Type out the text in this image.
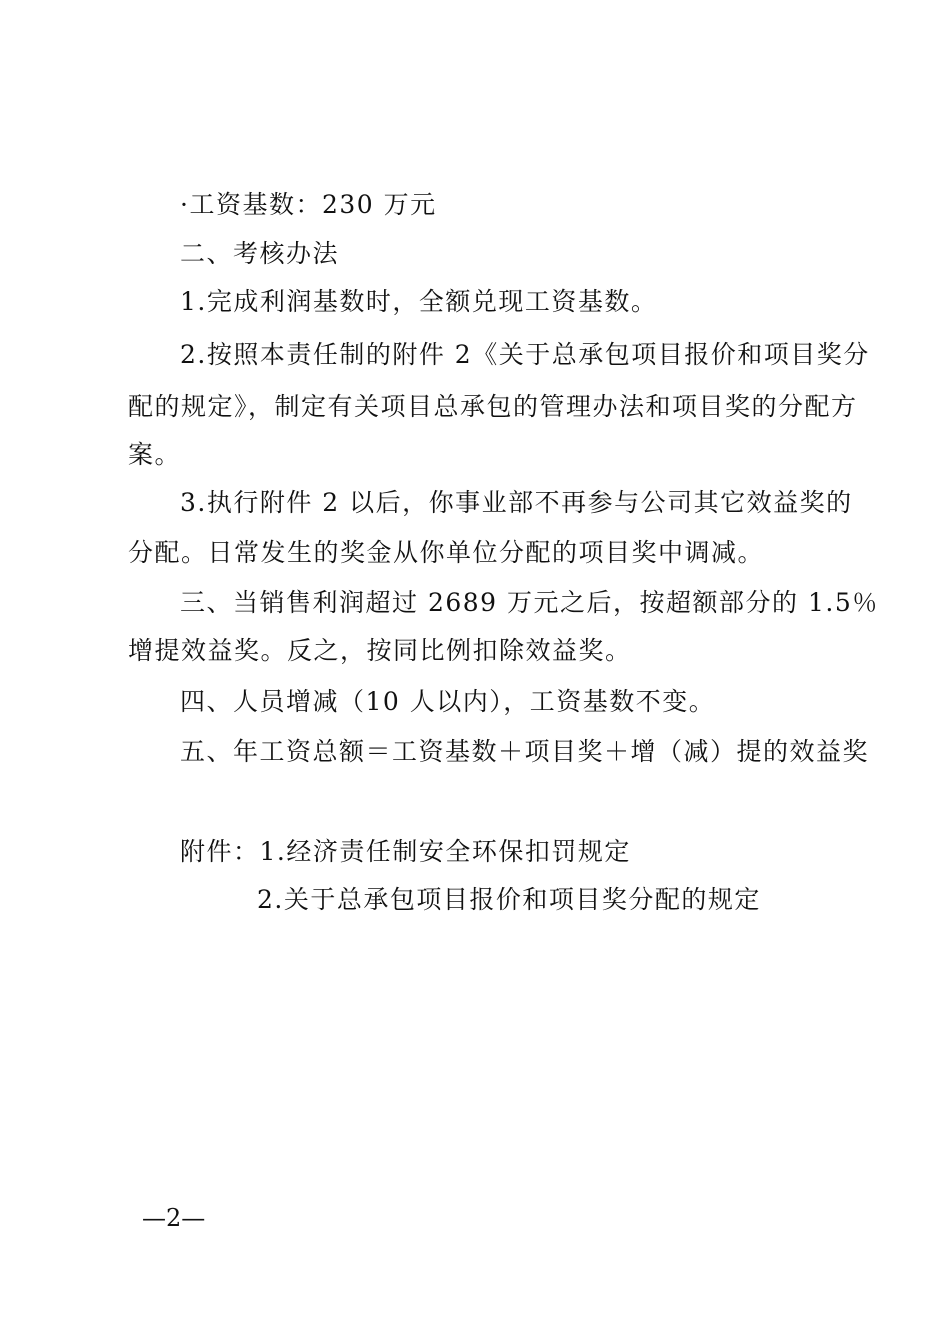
·工资基数：230 万元
二、考核办法
1.完成利润基数时，全额兑现工资基数。
2.按照本责任制的附件 2《关于总承包项目报价和项目奖分
配的规定》，制定有关项目总承包的管理办法和项目奖的分配方
案。
3.执行附件 2 以后，你事业部不再参与公司其它效益奖的
分配。日常发生的奖金从你单位分配的项目奖中调减。
三、当销售利润超过 2689 万元之后，按超额部分的 1.5％
增提效益奖。反之，按同比例扣除效益奖。
四、人员增减（10 人以内），工资基数不变。
五、年工资总额＝工资基数＋项目奖＋增（减）提的效益奖
附件：1.经济责任制安全环保扣罚规定
2.关于总承包项目报价和项目奖分配的规定
—2—
